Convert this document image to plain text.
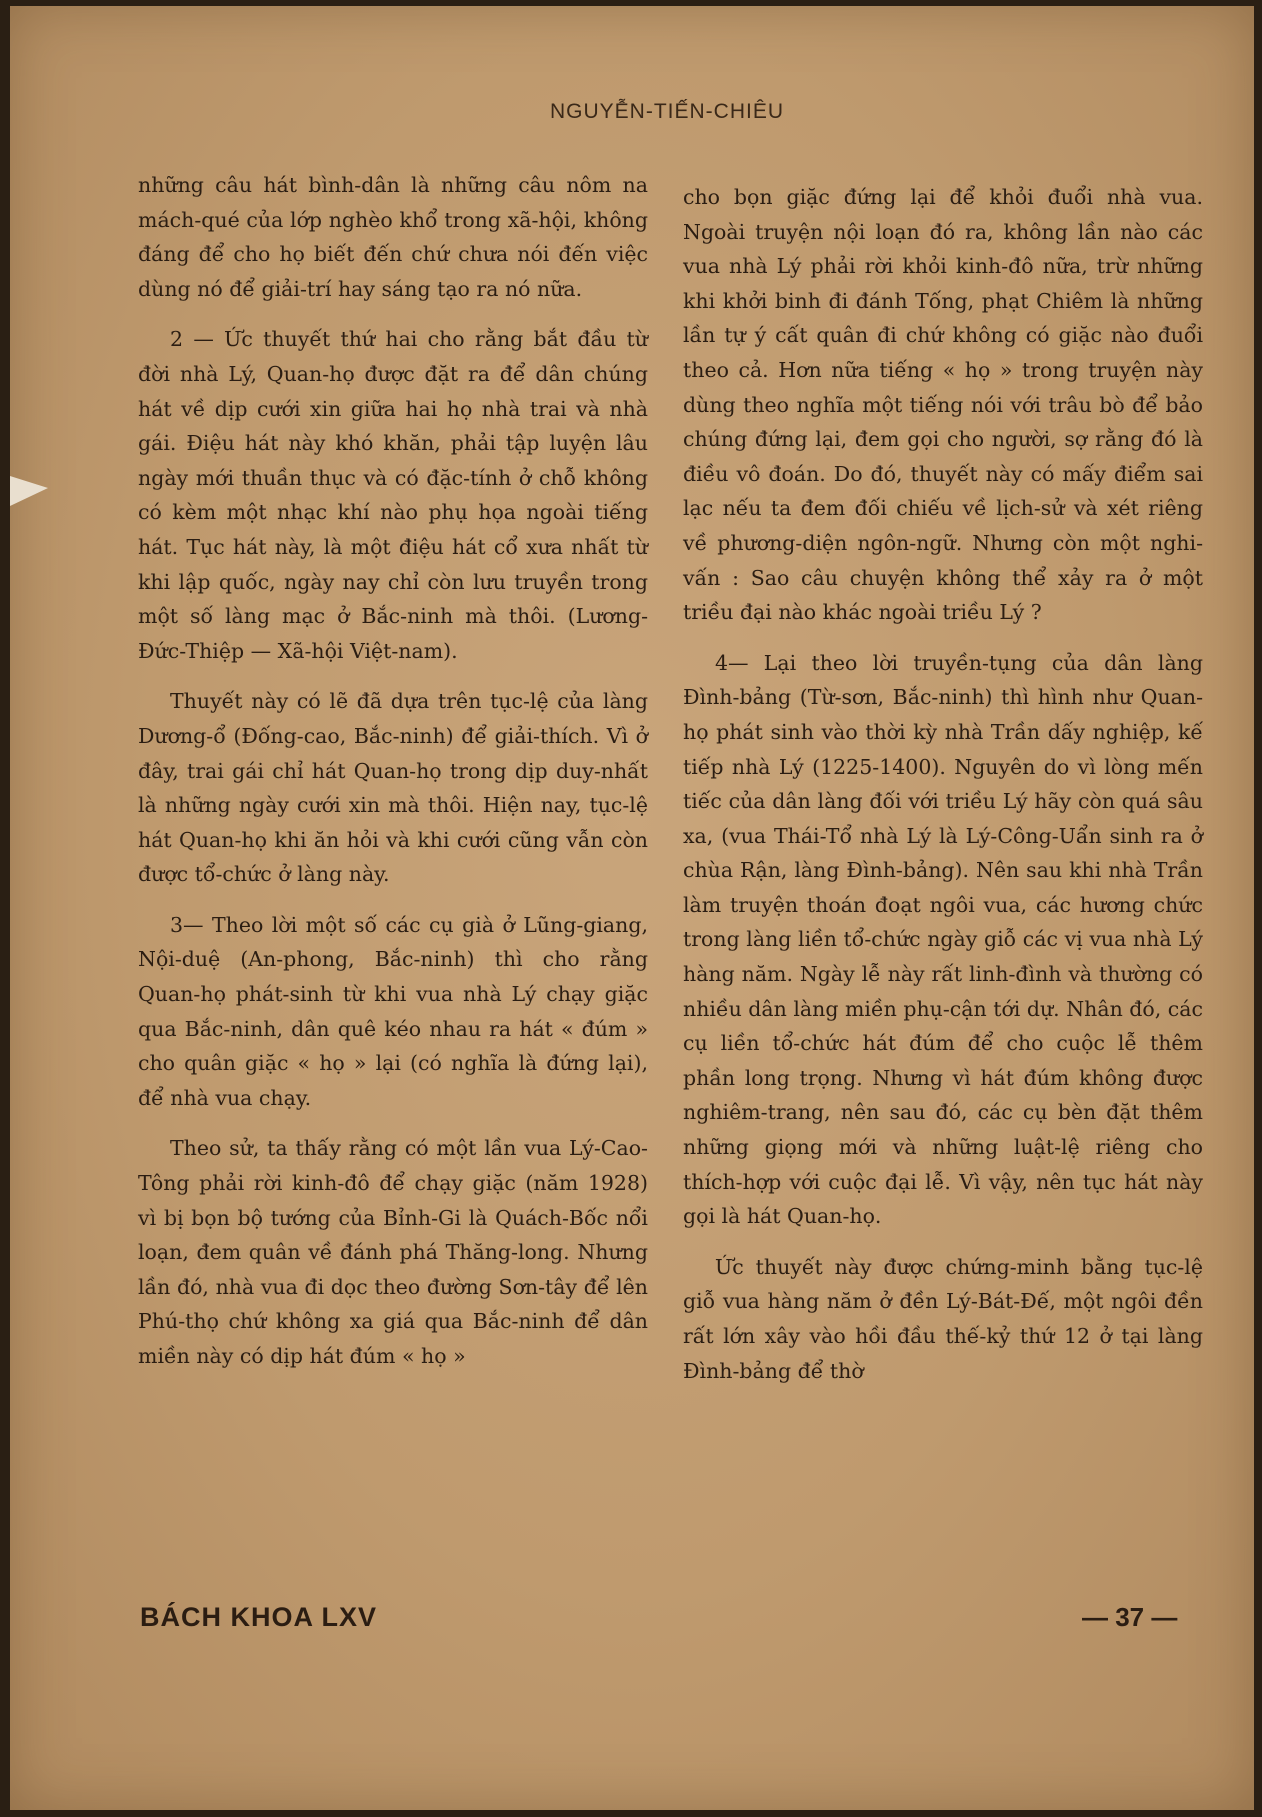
NGUYỄN-TIẾN-CHIÊU

những câu hát bình-dân là những câu nôm na mách-qué của lớp nghèo khổ trong xã-hội, không đáng để cho họ biết đến chứ chưa nói đến việc dùng nó để giải-trí hay sáng tạo ra nó nữa.

2 — Ức thuyết thứ hai cho rằng bắt đầu từ đời nhà Lý, Quan-họ được đặt ra để dân chúng hát về dịp cưới xin giữa hai họ nhà trai và nhà gái. Điệu hát này khó khăn, phải tập luyện lâu ngày mới thuần thục và có đặc-tính ở chỗ không có kèm một nhạc khí nào phụ họa ngoài tiếng hát. Tục hát này, là một điệu hát cổ xưa nhất từ khi lập quốc, ngày nay chỉ còn lưu truyền trong một số làng mạc ở Bắc-ninh mà thôi. (Lương-Đức-Thiệp — Xã-hội Việt-nam).

Thuyết này có lẽ đã dựa trên tục-lệ của làng Dương-ổ (Đống-cao, Bắc-ninh) để giải-thích. Vì ở đây, trai gái chỉ hát Quan-họ trong dịp duy-nhất là những ngày cưới xin mà thôi. Hiện nay, tục-lệ hát Quan-họ khi ăn hỏi và khi cưới cũng vẫn còn được tổ-chức ở làng này.

3— Theo lời một số các cụ già ở Lũng-giang, Nội-duệ (An-phong, Bắc-ninh) thì cho rằng Quan-họ phát-sinh từ khi vua nhà Lý chạy giặc qua Bắc-ninh, dân quê kéo nhau ra hát « đúm » cho quân giặc « họ » lại (có nghĩa là đứng lại), để nhà vua chạy.

Theo sử, ta thấy rằng có một lần vua Lý-Cao-Tông phải rời kinh-đô để chạy giặc (năm 1928) vì bị bọn bộ tướng của Bỉnh-Gi là Quách-Bốc nổi loạn, đem quân về đánh phá Thăng-long. Nhưng lần đó, nhà vua đi dọc theo đường Sơn-tây để lên Phú-thọ chứ không xa giá qua Bắc-ninh để dân miền này có dịp hát đúm « họ »

cho bọn giặc đứng lại để khỏi đuổi nhà vua. Ngoài truyện nội loạn đó ra, không lần nào các vua nhà Lý phải rời khỏi kinh-đô nữa, trừ những khi khởi binh đi đánh Tống, phạt Chiêm là những lần tự ý cất quân đi chứ không có giặc nào đuổi theo cả. Hơn nữa tiếng « họ » trong truyện này dùng theo nghĩa một tiếng nói với trâu bò để bảo chúng đứng lại, đem gọi cho người, sợ rằng đó là điều vô đoán. Do đó, thuyết này có mấy điểm sai lạc nếu ta đem đối chiếu về lịch-sử và xét riêng về phương-diện ngôn-ngữ. Nhưng còn một nghi-vấn : Sao câu chuyện không thể xảy ra ở một triều đại nào khác ngoài triều Lý ?

4— Lại theo lời truyền-tụng của dân làng Đình-bảng (Từ-sơn, Bắc-ninh) thì hình như Quan-họ phát sinh vào thời kỳ nhà Trần dấy nghiệp, kế tiếp nhà Lý (1225-1400). Nguyên do vì lòng mến tiếc của dân làng đối với triều Lý hãy còn quá sâu xa, (vua Thái-Tổ nhà Lý là Lý-Công-Uẩn sinh ra ở chùa Rận, làng Đình-bảng). Nên sau khi nhà Trần làm truyện thoán đoạt ngôi vua, các hương chức trong làng liền tổ-chức ngày giỗ các vị vua nhà Lý hàng năm. Ngày lễ này rất linh-đình và thường có nhiều dân làng miền phụ-cận tới dự. Nhân đó, các cụ liền tổ-chức hát đúm để cho cuộc lễ thêm phần long trọng. Nhưng vì hát đúm không được nghiêm-trang, nên sau đó, các cụ bèn đặt thêm những giọng mới và những luật-lệ riêng cho thích-hợp với cuộc đại lễ. Vì vậy, nên tục hát này gọi là hát Quan-họ.

Ức thuyết này được chứng-minh bằng tục-lệ giỗ vua hàng năm ở đền Lý-Bát-Đế, một ngôi đền rất lớn xây vào hồi đầu thế-kỷ thứ 12 ở tại làng Đình-bảng để thờ

BÁCH KHOA LXV	— 37 —
